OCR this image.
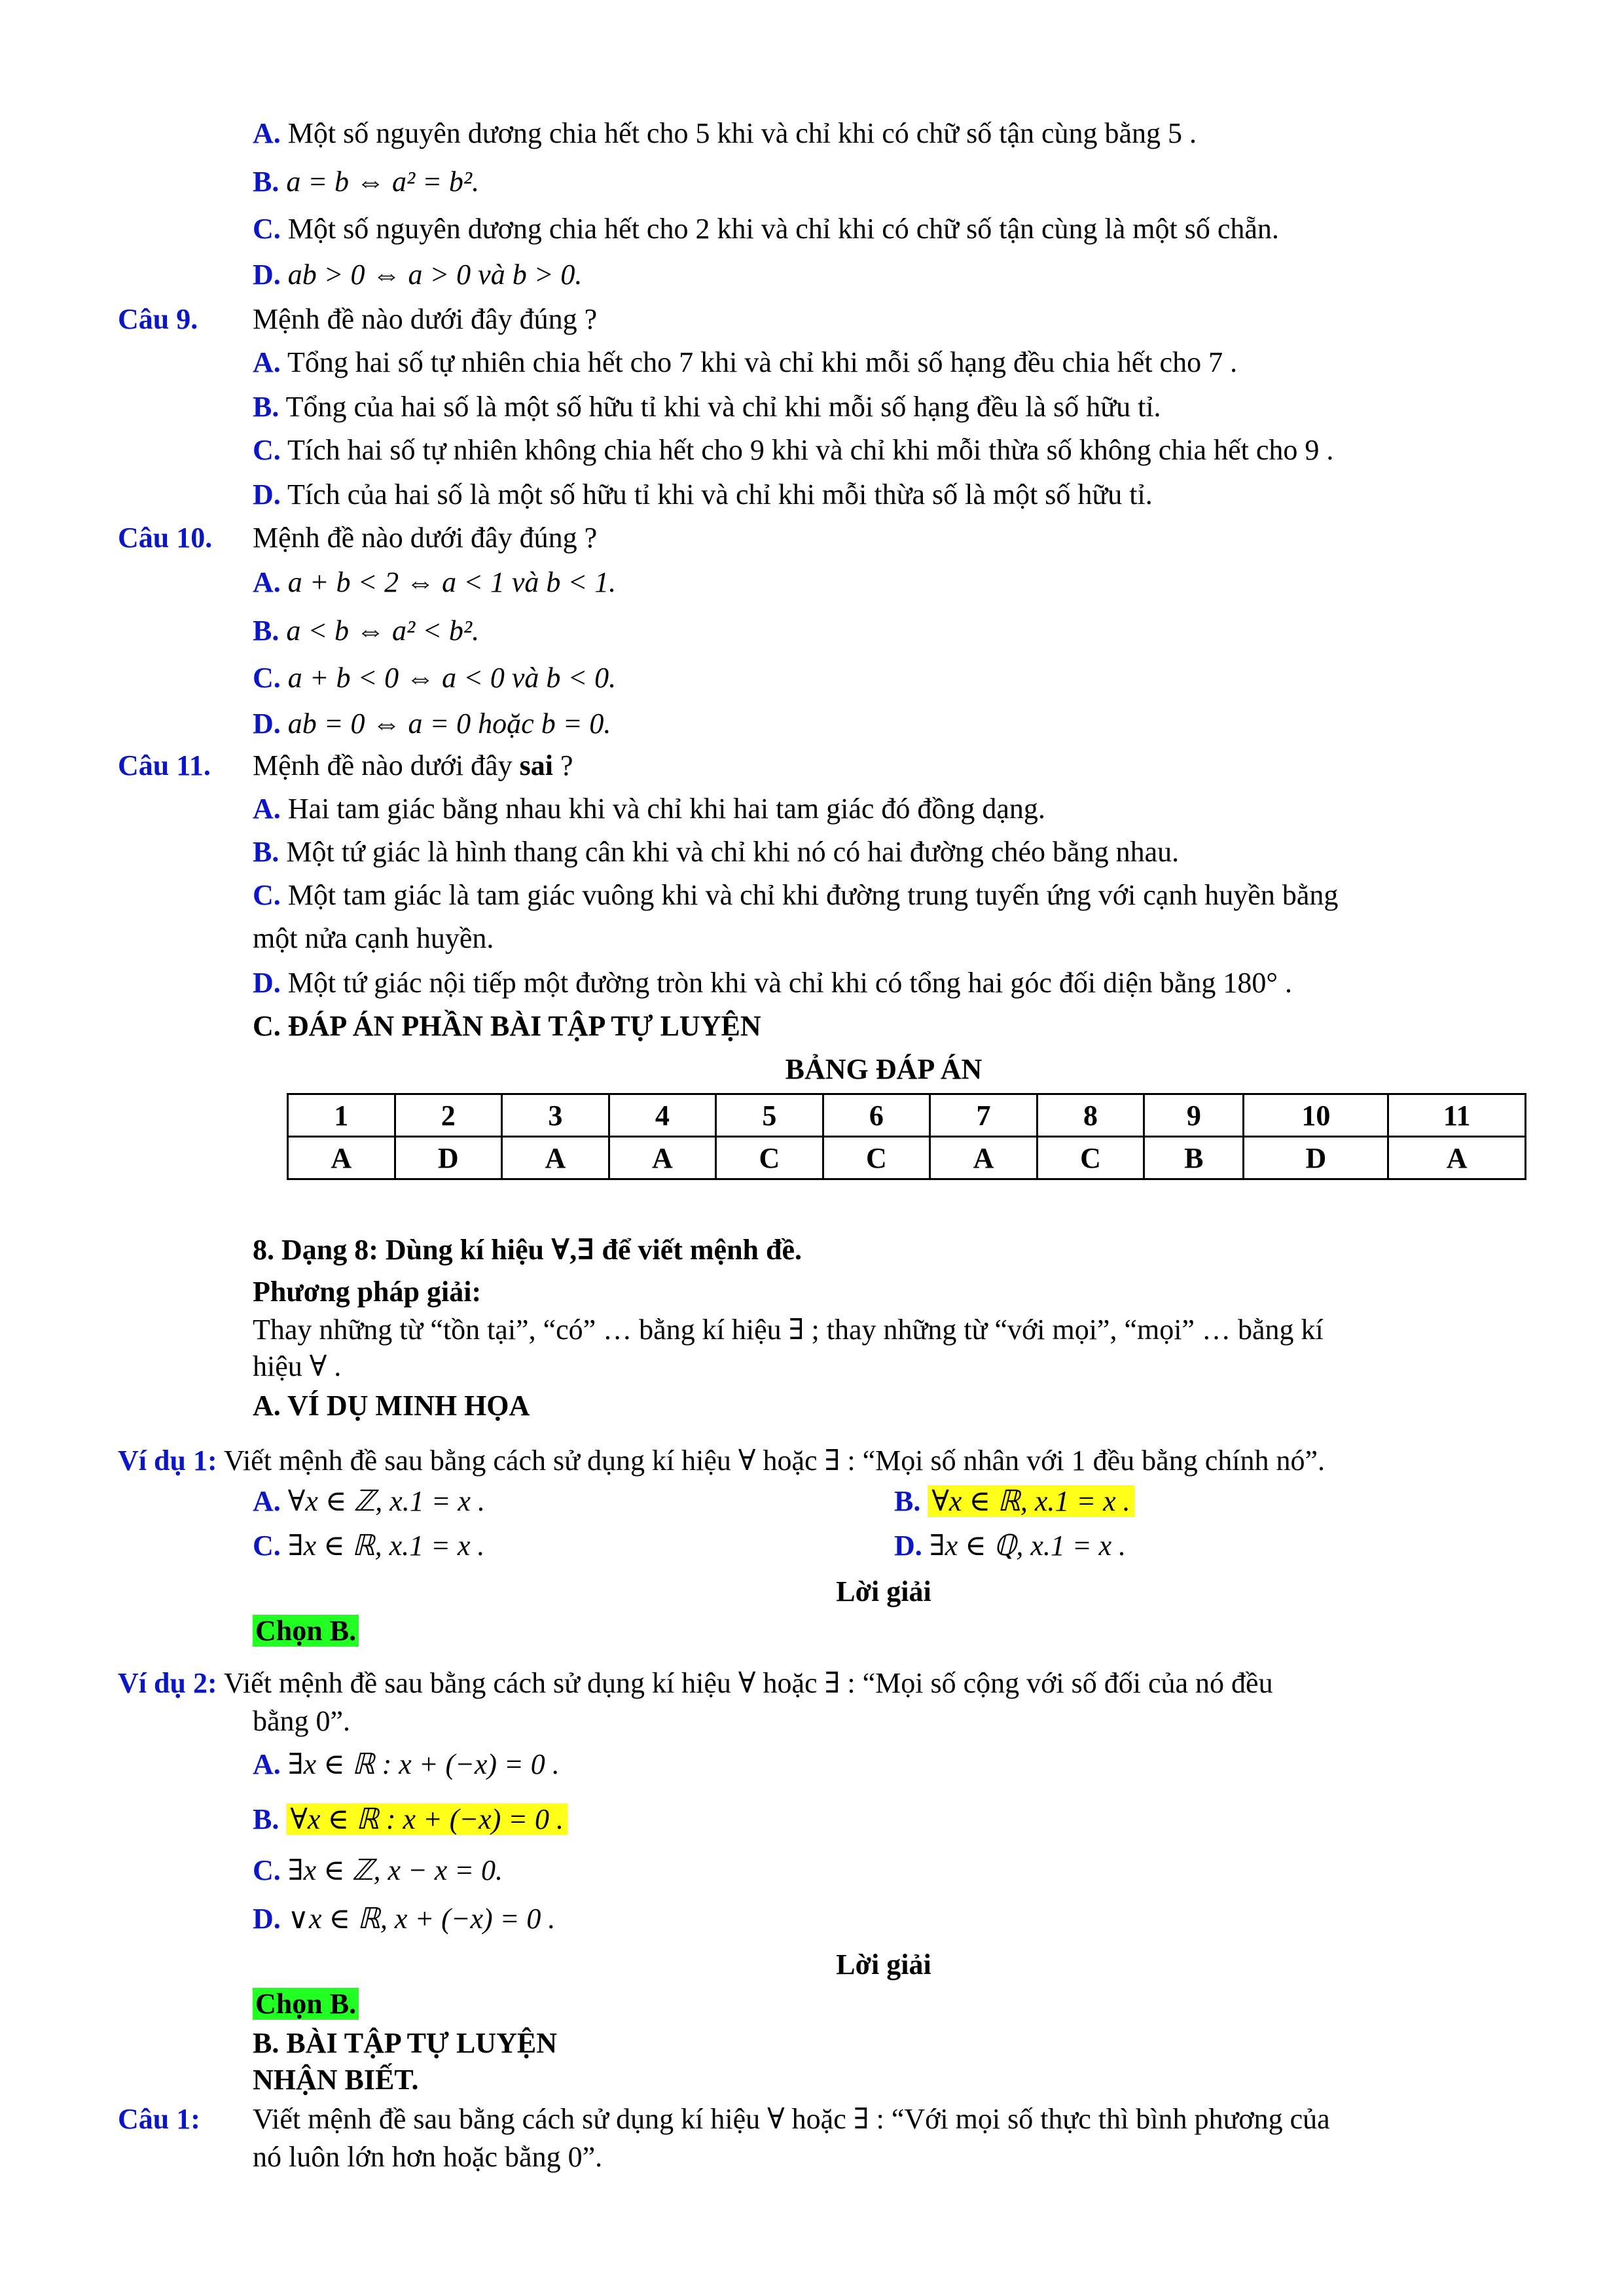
A. Một số nguyên dương chia hết cho 5 khi và chỉ khi có chữ số tận cùng bằng 5 .
B. a = b ⇔ a² = b².
C. Một số nguyên dương chia hết cho 2 khi và chỉ khi có chữ số tận cùng là một số chẵn.
D. ab > 0 ⇔ a > 0 và b > 0.
Câu 9. Mệnh đề nào dưới đây đúng ?
A. Tổng hai số tự nhiên chia hết cho 7 khi và chỉ khi mỗi số hạng đều chia hết cho 7 .
B. Tổng của hai số là một số hữu tỉ khi và chỉ khi mỗi số hạng đều là số hữu tỉ.
C. Tích hai số tự nhiên không chia hết cho 9 khi và chỉ khi mỗi thừa số không chia hết cho 9 .
D. Tích của hai số là một số hữu tỉ khi và chỉ khi mỗi thừa số là một số hữu tỉ.
Câu 10. Mệnh đề nào dưới đây đúng ?
A. a + b < 2 ⇔ a < 1 và b < 1.
B. a < b ⇔ a² < b².
C. a + b < 0 ⇔ a < 0 và b < 0.
D. ab = 0 ⇔ a = 0 hoặc b = 0.
Câu 11. Mệnh đề nào dưới đây sai ?
A. Hai tam giác bằng nhau khi và chỉ khi hai tam giác đó đồng dạng.
B. Một tứ giác là hình thang cân khi và chỉ khi nó có hai đường chéo bằng nhau.
C. Một tam giác là tam giác vuông khi và chỉ khi đường trung tuyến ứng với cạnh huyền bằng
một nửa cạnh huyền.
D. Một tứ giác nội tiếp một đường tròn khi và chỉ khi có tổng hai góc đối diện bằng 180° .
C. ĐÁP ÁN PHẦN BÀI TẬP TỰ LUYỆN
BẢNG ĐÁP ÁN
1	2	3	4	5	6	7	8	9	10	11
A	D	A	A	C	C	A	C	B	D	A
8. Dạng 8: Dùng kí hiệu ∀,∃ để viết mệnh đề.
Phương pháp giải:
Thay những từ “tồn tại”, “có” … bằng kí hiệu ∃ ; thay những từ “với mọi”, “mọi” … bằng kí
hiệu ∀ .
A. VÍ DỤ MINH HỌA
Ví dụ 1: Viết mệnh đề sau bằng cách sử dụng kí hiệu ∀ hoặc ∃ : “Mọi số nhân với 1 đều bằng chính nó”.
A. ∀x ∈ ℤ, x.1 = x .	B. ∀x ∈ ℝ, x.1 = x .
C. ∃x ∈ ℝ, x.1 = x .	D. ∃x ∈ ℚ, x.1 = x .
Lời giải
Chọn B.
Ví dụ 2: Viết mệnh đề sau bằng cách sử dụng kí hiệu ∀ hoặc ∃ : “Mọi số cộng với số đối của nó đều
bằng 0”.
A. ∃x ∈ ℝ : x + (−x) = 0 .
B. ∀x ∈ ℝ : x + (−x) = 0 .
C. ∃x ∈ ℤ, x − x = 0.
D. ∨x ∈ ℝ, x + (−x) = 0 .
Lời giải
Chọn B.
B. BÀI TẬP TỰ LUYỆN
NHẬN BIẾT.
Câu 1: Viết mệnh đề sau bằng cách sử dụng kí hiệu ∀ hoặc ∃ : “Với mọi số thực thì bình phương của
nó luôn lớn hơn hoặc bằng 0”.
